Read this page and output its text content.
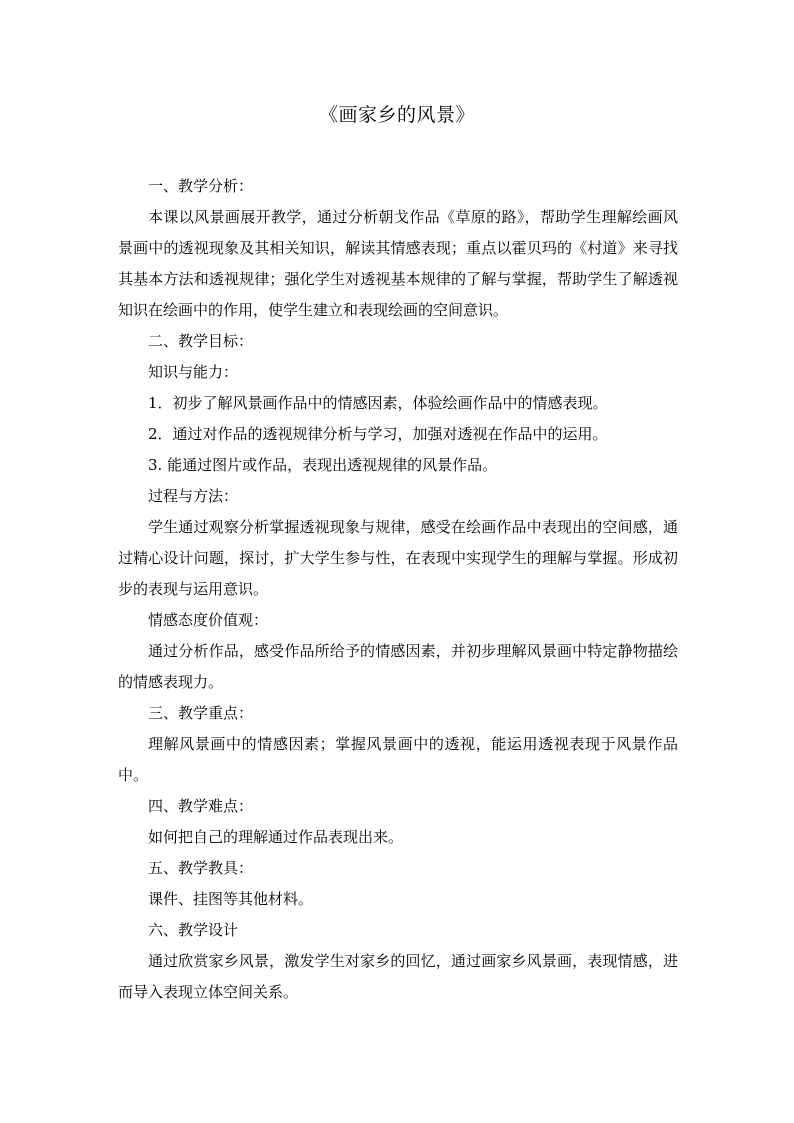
《画家乡的风景》

一、教学分析：

本课以风景画展开教学，通过分析朝戈作品《草原的路》，帮助学生理解绘画风景画中的透视现象及其相关知识，解读其情感表现；重点以霍贝玛的《村道》来寻找其基本方法和透视规律；强化学生对透视基本规律的了解与掌握，帮助学生了解透视知识在绘画中的作用，使学生建立和表现绘画的空间意识。

二、教学目标：

知识与能力：

1．初步了解风景画作品中的情感因素，体验绘画作品中的情感表现。

2．通过对作品的透视规律分析与学习，加强对透视在作品中的运用。

3. 能通过图片或作品，表现出透视规律的风景作品。

过程与方法：

学生通过观察分析掌握透视现象与规律，感受在绘画作品中表现出的空间感，通过精心设计问题，探讨，扩大学生参与性，在表现中实现学生的理解与掌握。形成初步的表现与运用意识。

情感态度价值观：

通过分析作品，感受作品所给予的情感因素，并初步理解风景画中特定静物描绘的情感表现力。

三、教学重点：

理解风景画中的情感因素；掌握风景画中的透视，能运用透视表现于风景作品中。

四、教学难点：

如何把自己的理解通过作品表现出来。

五、教学教具：

课件、挂图等其他材料。

六、教学设计

通过欣赏家乡风景，激发学生对家乡的回忆，通过画家乡风景画，表现情感，进而导入表现立体空间关系。
